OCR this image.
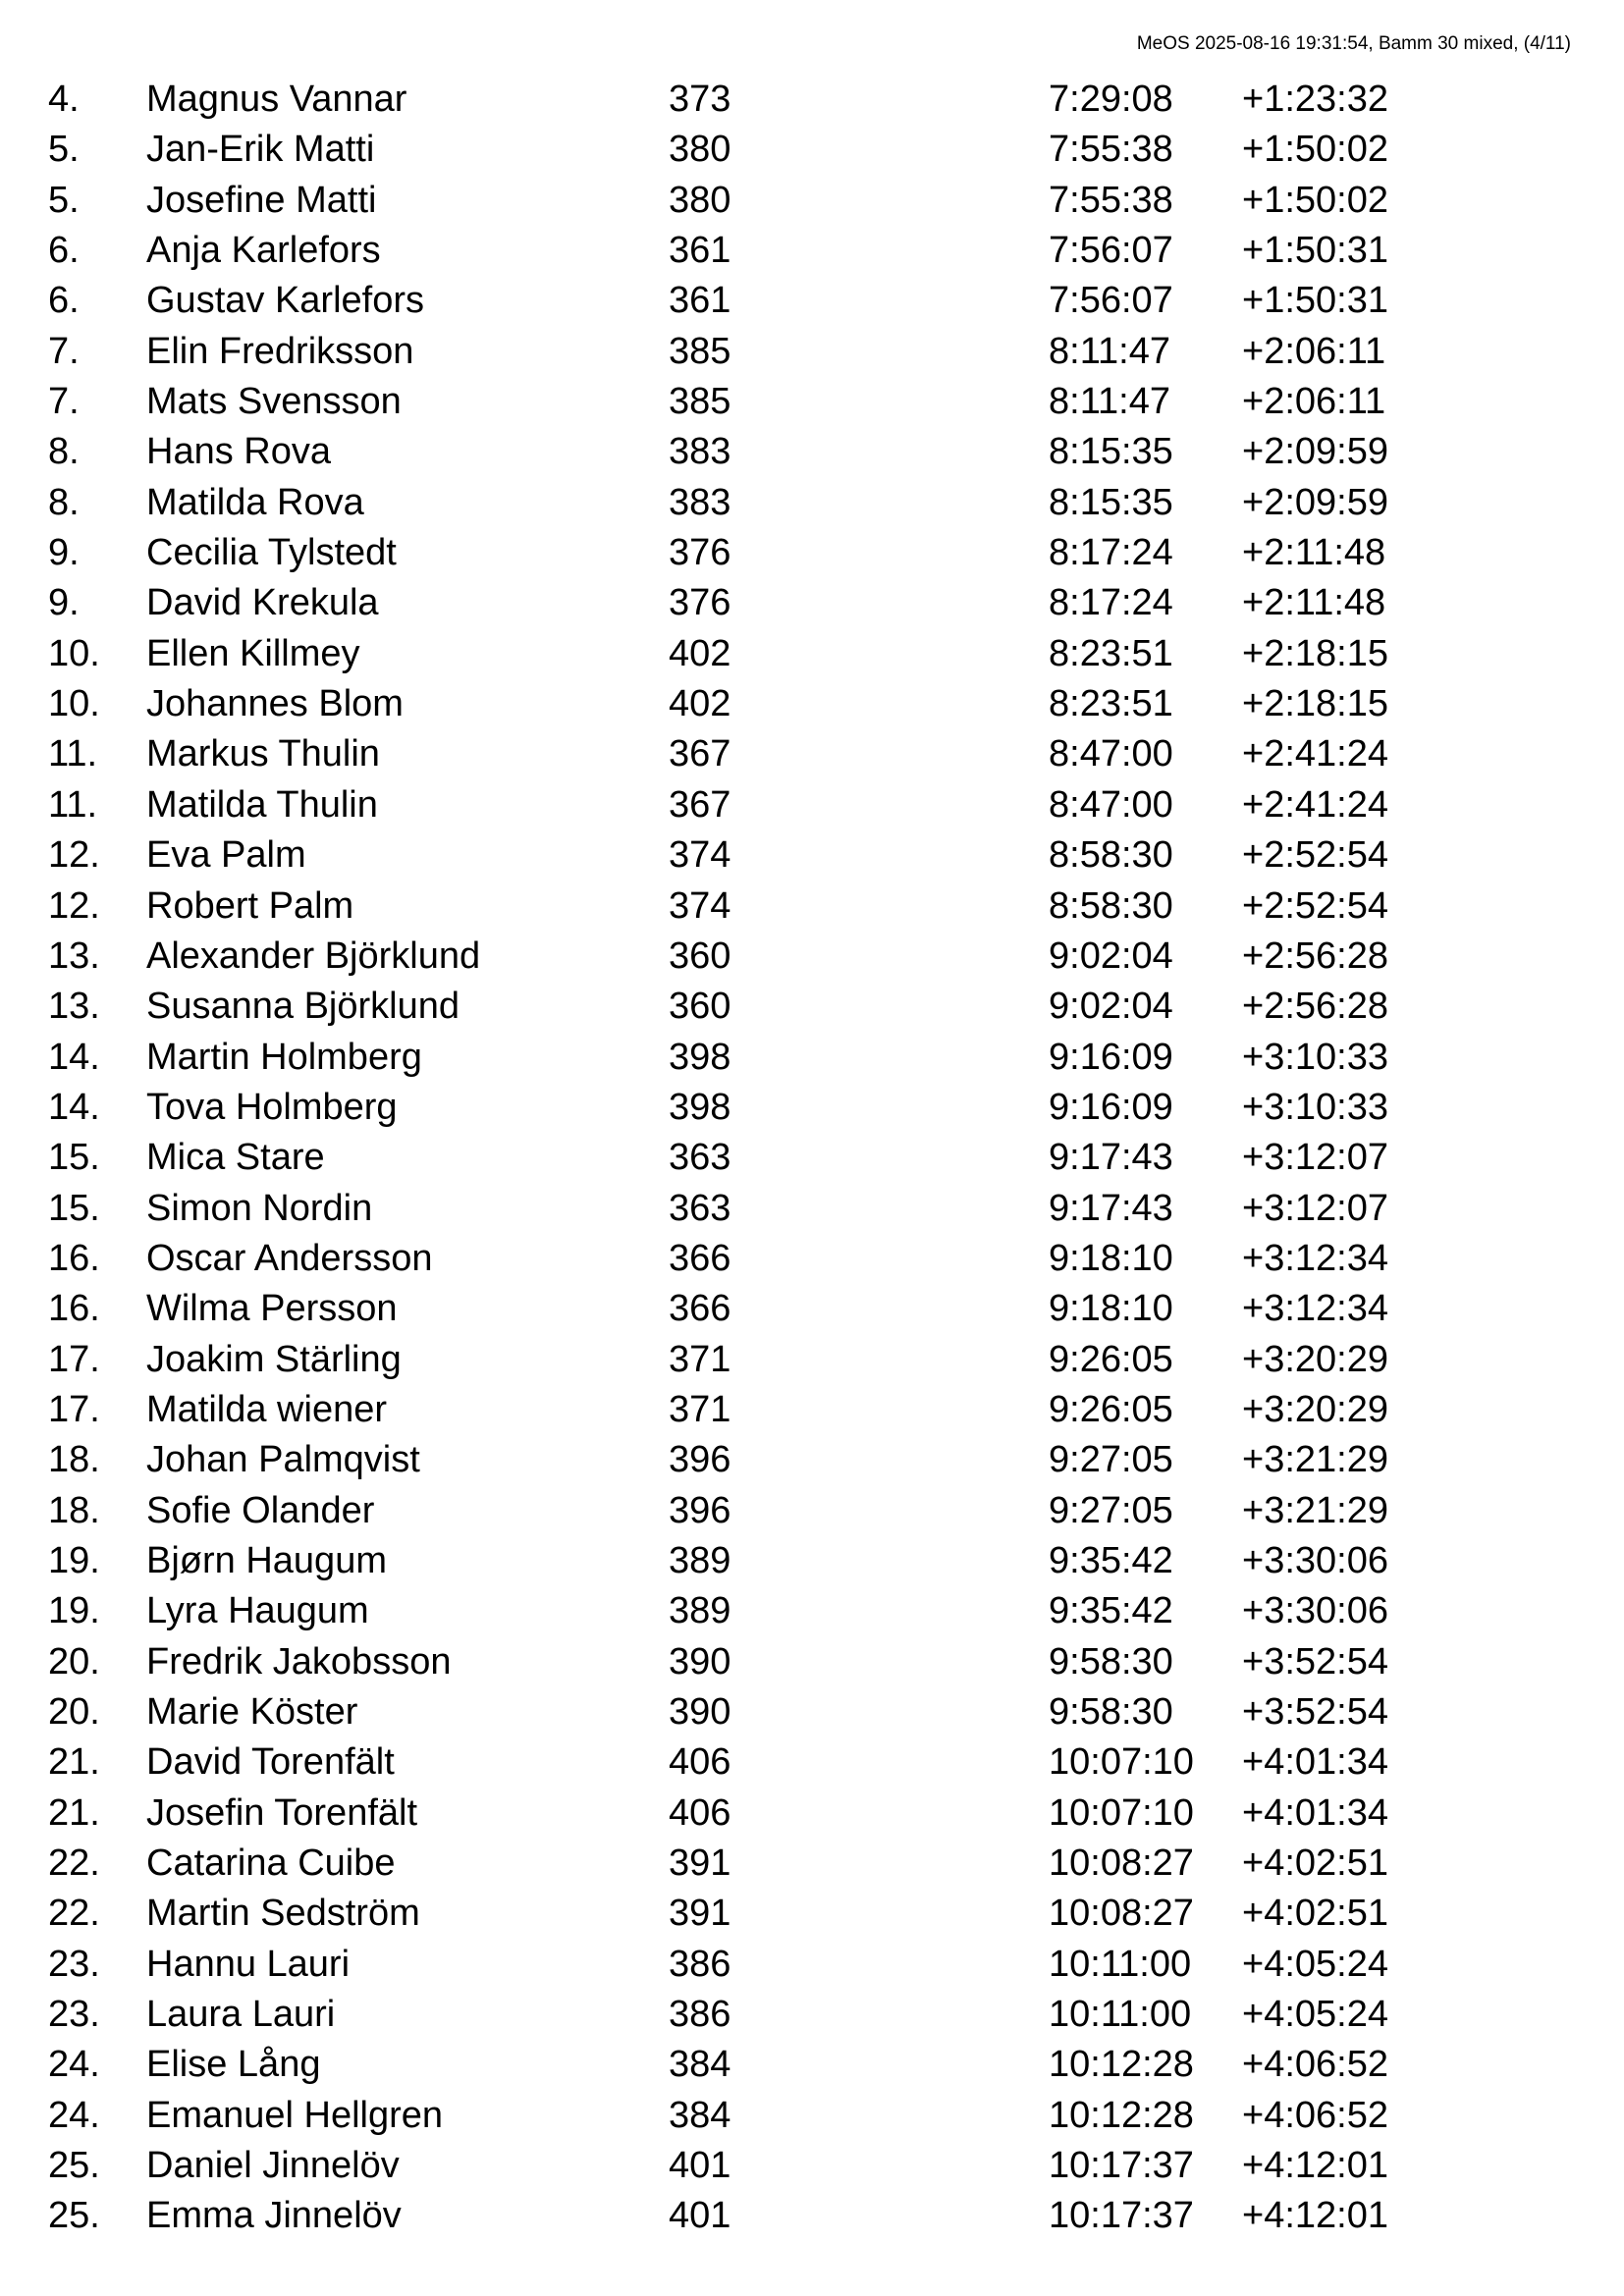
MeOS 2025-08-16 19:31:54, Bamm 30 mixed, (4/11)
4. Magnus Vannar	373	7:29:08 +1:23:32
5. Jan-Erik Matti	380	7:55:38 +1:50:02
5. Josefine Matti	380	7:55:38 +1:50:02
6. Anja Karlefors	361	7:56:07 +1:50:31
6. Gustav Karlefors	361	7:56:07 +1:50:31
7. Elin Fredriksson	385	8:11:47 +2:06:11
7. Mats Svensson	385	8:11:47 +2:06:11
8. Hans Rova	383	8:15:35 +2:09:59
8. Matilda Rova	383	8:15:35 +2:09:59
9. Cecilia Tylstedt	376	8:17:24 +2:11:48
9. David Krekula	376	8:17:24 +2:11:48
10. Ellen Killmey	402	8:23:51 +2:18:15
10. Johannes Blom	402	8:23:51 +2:18:15
11. Markus Thulin	367	8:47:00 +2:41:24
11. Matilda Thulin	367	8:47:00 +2:41:24
12. Eva Palm	374	8:58:30 +2:52:54
12. Robert Palm	374	8:58:30 +2:52:54
13. Alexander Björklund	360	9:02:04 +2:56:28
13. Susanna Björklund	360	9:02:04 +2:56:28
14. Martin Holmberg	398	9:16:09 +3:10:33
14. Tova Holmberg	398	9:16:09 +3:10:33
15. Mica Stare	363	9:17:43 +3:12:07
15. Simon Nordin	363	9:17:43 +3:12:07
16. Oscar Andersson	366	9:18:10 +3:12:34
16. Wilma Persson	366	9:18:10 +3:12:34
17. Joakim Stärling	371	9:26:05 +3:20:29
17. Matilda wiener	371	9:26:05 +3:20:29
18. Johan Palmqvist	396	9:27:05 +3:21:29
18. Sofie Olander	396	9:27:05 +3:21:29
19. Bjørn Haugum	389	9:35:42 +3:30:06
19. Lyra Haugum	389	9:35:42 +3:30:06
20. Fredrik Jakobsson	390	9:58:30 +3:52:54
20. Marie Köster	390	9:58:30 +3:52:54
21. David Torenfält	406	10:07:10 +4:01:34
21. Josefin Torenfält	406	10:07:10 +4:01:34
22. Catarina Cuibe	391	10:08:27 +4:02:51
22. Martin Sedström	391	10:08:27 +4:02:51
23. Hannu Lauri	386	10:11:00 +4:05:24
23. Laura Lauri	386	10:11:00 +4:05:24
24. Elise Lång	384	10:12:28 +4:06:52
24. Emanuel Hellgren	384	10:12:28 +4:06:52
25. Daniel Jinnelöv	401	10:17:37 +4:12:01
25. Emma Jinnelöv	401	10:17:37 +4:12:01
